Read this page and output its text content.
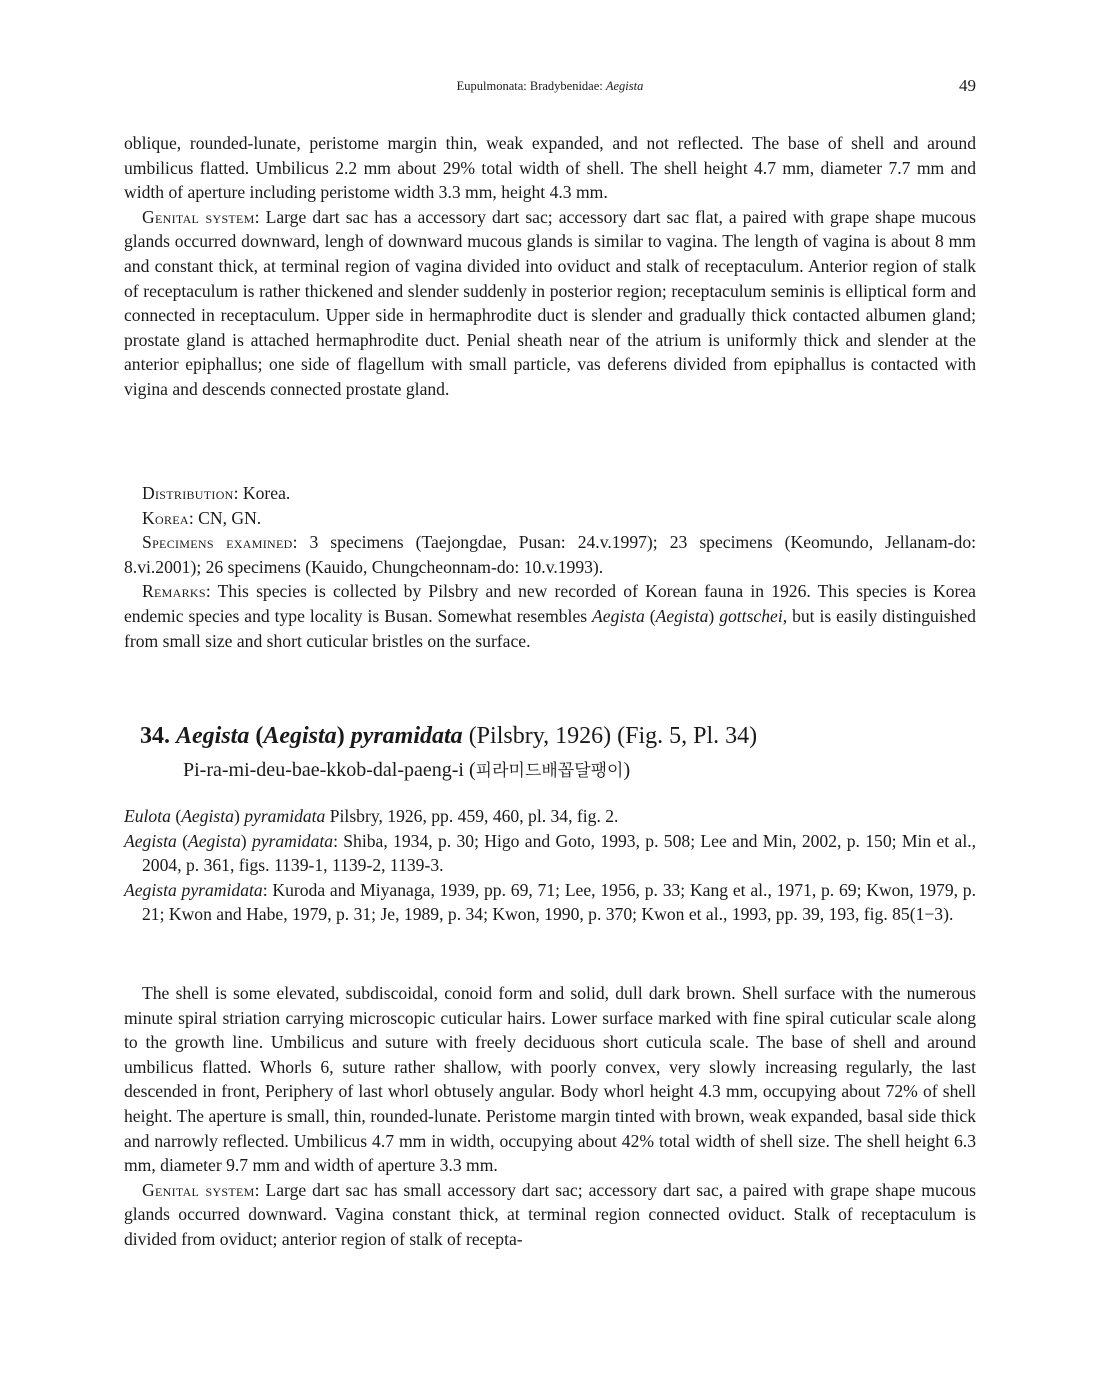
Eupulmonata: Bradybenidae: Aegista	49

oblique, rounded-lunate, peristome margin thin, weak expanded, and not reflected. The base of shell and around umbilicus flatted. Umbilicus 2.2 mm about 29% total width of shell. The shell height 4.7 mm, diameter 7.7 mm and width of aperture including peristome width 3.3 mm, height 4.3 mm.

Genital system: Large dart sac has a accessory dart sac; accessory dart sac flat, a paired with grape shape mucous glands occurred downward, lengh of downward mucous glands is similar to vagina. The length of vagina is about 8 mm and constant thick, at terminal region of vagina divided into oviduct and stalk of receptaculum. Anterior region of stalk of receptaculum is rather thickened and slender suddenly in posterior region; receptaculum seminis is elliptical form and connected in receptaculum. Upper side in hermaphrodite duct is slender and gradually thick contacted albumen gland; prostate gland is attached hermaphrodite duct. Penial sheath near of the atrium is uniformly thick and slender at the anterior epiphallus; one side of flagellum with small particle, vas deferens divided from epiphallus is contacted with vigina and descends connected prostate gland.

Distribution: Korea.

Korea: CN, GN.

Specimens examined: 3 specimens (Taejongdae, Pusan: 24.v.1997); 23 specimens (Keomundo, Jellanam-do: 8.vi.2001); 26 specimens (Kauido, Chungcheonnam-do: 10.v.1993).

Remarks: This species is collected by Pilsbry and new recorded of Korean fauna in 1926. This species is Korea endemic species and type locality is Busan. Somewhat resembles Aegista (Aegista) gottschei, but is easily distinguished from small size and short cuticular bristles on the surface.

34. Aegista (Aegista) pyramidata (Pilsbry, 1926) (Fig. 5, Pl. 34)
Pi-ra-mi-deu-bae-kkob-dal-paeng-i (피라미드배꼽달팽이)

Eulota (Aegista) pyramidata Pilsbry, 1926, pp. 459, 460, pl. 34, fig. 2.

Aegista (Aegista) pyramidata: Shiba, 1934, p. 30; Higo and Goto, 1993, p. 508; Lee and Min, 2002, p. 150; Min et al., 2004, p. 361, figs. 1139-1, 1139-2, 1139-3.

Aegista pyramidata: Kuroda and Miyanaga, 1939, pp. 69, 71; Lee, 1956, p. 33; Kang et al., 1971, p. 69; Kwon, 1979, p. 21; Kwon and Habe, 1979, p. 31; Je, 1989, p. 34; Kwon, 1990, p. 370; Kwon et al., 1993, pp. 39, 193, fig. 85(1−3).

The shell is some elevated, subdiscoidal, conoid form and solid, dull dark brown. Shell surface with the numerous minute spiral striation carrying microscopic cuticular hairs. Lower surface marked with fine spiral cuticular scale along to the growth line. Umbilicus and suture with freely deciduous short cuticula scale. The base of shell and around umbilicus flatted. Whorls 6, suture rather shallow, with poorly convex, very slowly increasing regularly, the last descended in front, Periphery of last whorl obtusely angular. Body whorl height 4.3 mm, occupying about 72% of shell height. The aperture is small, thin, rounded-lunate. Peristome margin tinted with brown, weak expanded, basal side thick and narrowly reflected. Umbilicus 4.7 mm in width, occupying about 42% total width of shell size. The shell height 6.3 mm, diameter 9.7 mm and width of aperture 3.3 mm.

Genital system: Large dart sac has small accessory dart sac; accessory dart sac, a paired with grape shape mucous glands occurred downward. Vagina constant thick, at terminal region connected oviduct. Stalk of receptaculum is divided from oviduct; anterior region of stalk of recepta-
